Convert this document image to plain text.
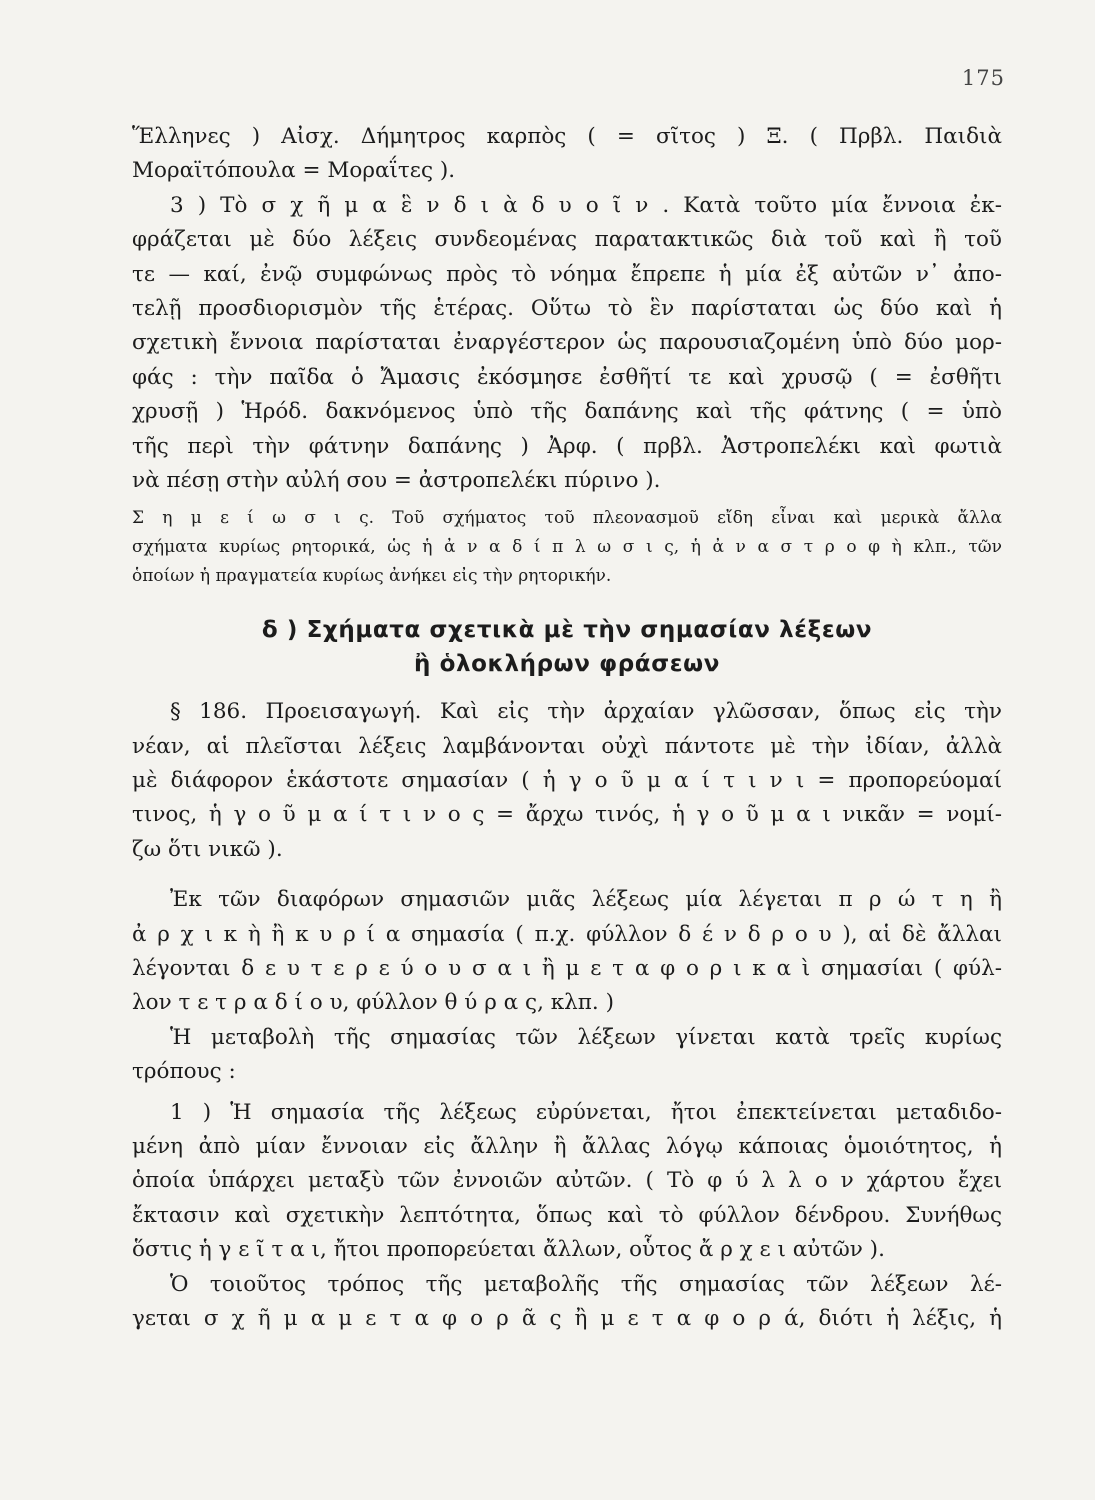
175
Ἕλληνες ) Αἰσχ. Δήμητρος καρπὸς ( = σῖτος ) Ξ. ( Πρβλ. Παιδιὰ
Μοραϊτόπουλα = Μοραΐτες ).
3 ) Τὸ σ χ ῆ μ α ἓ ν δ ι ὰ δ υ ο ῖ ν . Κατὰ τοῦτο μία ἔννοια ἐκ-
φράζεται μὲ δύο λέξεις συνδεομένας παρατακτικῶς διὰ τοῦ καὶ ἢ τοῦ
τε — καί, ἐνῷ συμφώνως πρὸς τὸ νόημα ἔπρεπε ἡ μία ἐξ αὐτῶν ν᾿ ἀπο-
τελῇ προσδιορισμὸν τῆς ἑτέρας. Οὕτω τὸ ἓν παρίσταται ὡς δύο καὶ ἡ
σχετικὴ ἔννοια παρίσταται ἐναργέστερον ὡς παρουσιαζομένη ὑπὸ δύο μορ-
φάς : τὴν παῖδα ὁ Ἄμασις ἐκόσμησε ἐσθῆτί τε καὶ χρυσῷ ( = ἐσθῆτι
χρυσῇ ) Ἡρόδ. δακνόμενος ὑπὸ τῆς δαπάνης καὶ τῆς φάτνης ( = ὑπὸ
τῆς περὶ τὴν φάτνην δαπάνης ) Ἀρφ. ( πρβλ. Ἀστροπελέκι καὶ φωτιὰ
νὰ πέσῃ στὴν αὐλή σου = ἀστροπελέκι πύρινο ).
Σ η μ ε ί ω σ ι ς. Τοῦ σχήματος τοῦ πλεονασμοῦ εἴδη εἶναι καὶ μερικὰ ἄλλα
σχήματα κυρίως ρητορικά, ὡς ἡ ἀ ν α δ ί π λ ω σ ι ς, ἡ ἀ ν α σ τ ρ ο φ ὴ κλπ., τῶν
ὁποίων ἡ πραγματεία κυρίως ἀνήκει εἰς τὴν ρητορικήν.
δ ) Σχήματα σχετικὰ μὲ τὴν σημασίαν λέξεων
ἢ ὁλοκλήρων φράσεων
§ 186. Προεισαγωγή. Καὶ εἰς τὴν ἀρχαίαν γλῶσσαν, ὅπως εἰς τὴν
νέαν, αἱ πλεῖσται λέξεις λαμβάνονται οὐχὶ πάντοτε μὲ τὴν ἰδίαν, ἀλλὰ
μὲ διάφορον ἑκάστοτε σημασίαν ( ἡ γ ο ῦ μ α ί τ ι ν ι = προπορεύομαί
τινος, ἡ γ ο ῦ μ α ί τ ι ν ο ς = ἄρχω τινός, ἡ γ ο ῦ μ α ι νικᾶν = νομί-
ζω ὅτι νικῶ ).
Ἐκ τῶν διαφόρων σημασιῶν μιᾶς λέξεως μία λέγεται π ρ ώ τ η ἢ
ἀ ρ χ ι κ ὴ ἢ κ υ ρ ί α σημασία ( π.χ. φύλλον δ έ ν δ ρ ο υ ), αἱ δὲ ἄλλαι
λέγονται δ ε υ τ ε ρ ε ύ ο υ σ α ι ἢ μ ε τ α φ ο ρ ι κ α ὶ σημασίαι ( φύλ-
λον τ ε τ ρ α δ ί ο υ, φύλλον θ ύ ρ α ς, κλπ. )
Ἡ μεταβολὴ τῆς σημασίας τῶν λέξεων γίνεται κατὰ τρεῖς κυρίως
τρόπους :
1 ) Ἡ σημασία τῆς λέξεως εὐρύνεται, ἤτοι ἐπεκτείνεται μεταδιδο-
μένη ἀπὸ μίαν ἔννοιαν εἰς ἄλλην ἢ ἄλλας λόγῳ κάποιας ὁμοιότητος, ἡ
ὁποία ὑπάρχει μεταξὺ τῶν ἐννοιῶν αὐτῶν. ( Τὸ φ ύ λ λ ο ν χάρτου ἔχει
ἔκτασιν καὶ σχετικὴν λεπτότητα, ὅπως καὶ τὸ φύλλον δένδρου. Συνήθως
ὅστις ἡ γ ε ῖ τ α ι, ἤτοι προπορεύεται ἄλλων, οὗτος ἄ ρ χ ε ι αὐτῶν ).
Ὁ τοιοῦτος τρόπος τῆς μεταβολῆς τῆς σημασίας τῶν λέξεων λέ-
γεται σ χ ῆ μ α μ ε τ α φ ο ρ ᾶ ς ἢ μ ε τ α φ ο ρ ά, διότι ἡ λέξις, ἡ
